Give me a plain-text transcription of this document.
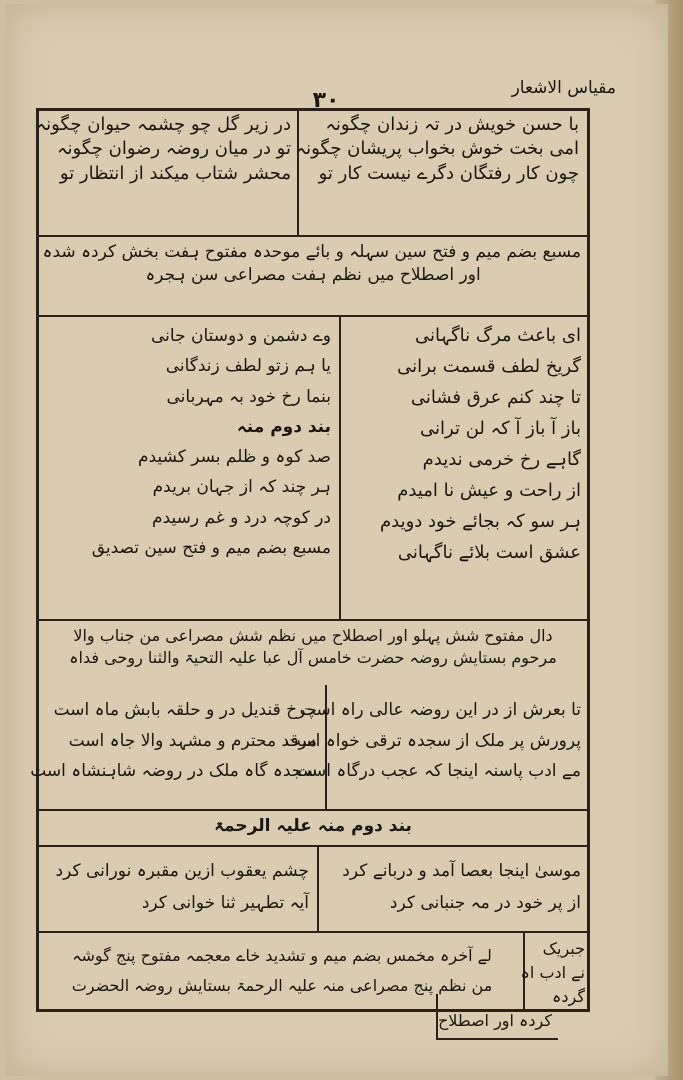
مقیاس الاشعار
۳۰
با حسن خویش در تہ زندان چگونہ
امی بخت خوش بخواب پریشان چگونہ
چون کار رفتگان دگرے نیست کار تو
در زیر گل چو چشمہ حیوان چگونہ
تو در میان روضہ رضوان چگونہ
محشر شتاب میکند از انتظار تو
مسبع بضم میم و فتح سین سہلہ و بائے موحدہ مفتوح ہفت بخش کردہ شدہ
اور اصطلاح میں نظم ہفت مصراعی سن ہجرہ
ای باعث مرگ ناگہانی
گریخ لطف قسمت برانی
تا چند کنم عرق فشانی
باز آ باز آ کہ لن ترانی
گاہے رخ خرمی ندیدم
از راحت و عیش نا امیدم
ہر سو کہ بجائے خود دویدم
عشق است بلائے ناگہانی
وے دشمن و دوستان جانی
یا ہم زتو لطف زندگانی
بنما رخ خود بہ مہربانی
بند دوم منہ
صد کوہ و ظلم بسر کشیدم
ہر چند کہ از جہان بریدم
در کوچہ درد و غم رسیدم
مسبع بضم میم و فتح سین تصدیق
دال مفتوح شش پہلو اور اصطلاح میں نظم شش مصراعی من جناب والا
مرحوم بستایش روضہ حضرت خامس آل عبا علیہ التحیۃ والثنا روحی فداہ
تا بعرش از در این روضہ عالی راہ است
پرورش پر ملک از سجدہ ترقی خواہ است
مے ادب پاسنہ اینجا کہ عجب درگاہ است
چرخ قندیل در و حلقہ بابش ماہ است
مرقد محترم و مشہد والا جاہ است
سجدہ گاہ ملک در روضہ شاہنشاہ است
بند دوم منہ علیہ الرحمۃ
موسیٰ اینجا بعصا آمد و دربانے کرد
از پر خود در مہ جنبانی کرد
چشم یعقوب ازین مقبرہ نورانی کرد
آیہ تطہیر ثنا خوانی کرد
جبریک
نے ادب اہ
گردہ
لے آخرہ مخمس بضم میم و تشدید خاے معجمہ مفتوح پنج گوشہ
من نظم پنج مصراعی منہ علیہ الرحمۃ بستایش روضہ الحضرت
کردہ اور اصطلاح
